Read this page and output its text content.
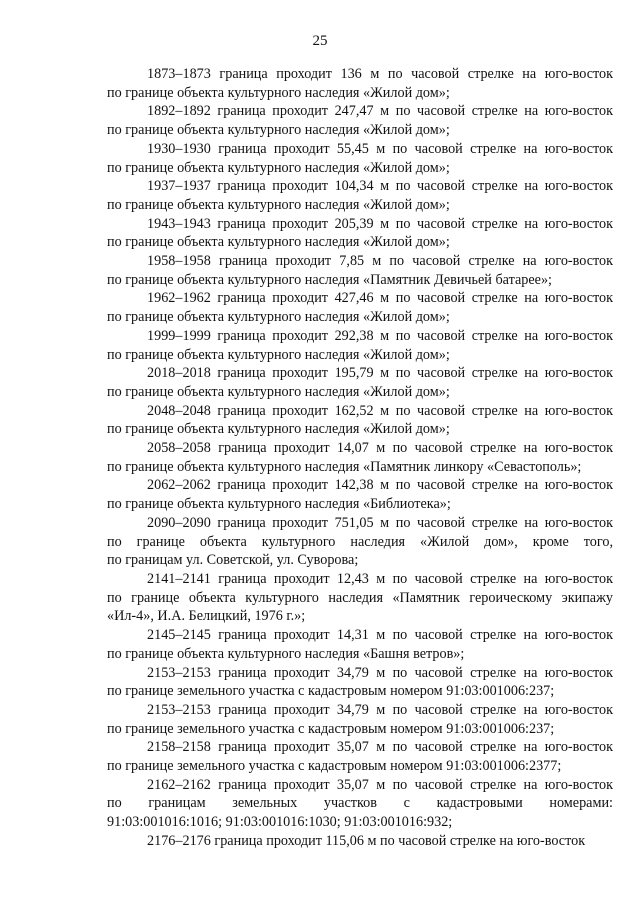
25
1873–1873 граница проходит 136 м по часовой стрелке на юго-восток
по границе объекта культурного наследия «Жилой дом»;
1892–1892 граница проходит 247,47 м по часовой стрелке на юго-восток
по границе объекта культурного наследия «Жилой дом»;
1930–1930 граница проходит 55,45 м по часовой стрелке на юго-восток
по границе объекта культурного наследия «Жилой дом»;
1937–1937 граница проходит 104,34 м по часовой стрелке на юго-восток
по границе объекта культурного наследия «Жилой дом»;
1943–1943 граница проходит 205,39 м по часовой стрелке на юго-восток
по границе объекта культурного наследия «Жилой дом»;
1958–1958 граница проходит 7,85 м по часовой стрелке на юго-восток
по границе объекта культурного наследия «Памятник Девичьей батарее»;
1962–1962 граница проходит 427,46 м по часовой стрелке на юго-восток
по границе объекта культурного наследия «Жилой дом»;
1999–1999 граница проходит 292,38 м по часовой стрелке на юго-восток
по границе объекта культурного наследия «Жилой дом»;
2018–2018 граница проходит 195,79 м по часовой стрелке на юго-восток
по границе объекта культурного наследия «Жилой дом»;
2048–2048 граница проходит 162,52 м по часовой стрелке на юго-восток
по границе объекта культурного наследия «Жилой дом»;
2058–2058 граница проходит 14,07 м по часовой стрелке на юго-восток
по границе объекта культурного наследия «Памятник линкору «Севастополь»;
2062–2062 граница проходит 142,38 м по часовой стрелке на юго-восток
по границе объекта культурного наследия «Библиотека»;
2090–2090 граница проходит 751,05 м по часовой стрелке на юго-восток
по границе объекта культурного наследия «Жилой дом», кроме того,
по границам ул. Советской, ул. Суворова;
2141–2141 граница проходит 12,43 м по часовой стрелке на юго-восток
по границе объекта культурного наследия «Памятник героическому экипажу
«Ил-4», И.А. Белицкий, 1976 г.»;
2145–2145 граница проходит 14,31 м по часовой стрелке на юго-восток
по границе объекта культурного наследия «Башня ветров»;
2153–2153 граница проходит 34,79 м по часовой стрелке на юго-восток
по границе земельного участка с кадастровым номером 91:03:001006:237;
2153–2153 граница проходит 34,79 м по часовой стрелке на юго-восток
по границе земельного участка с кадастровым номером 91:03:001006:237;
2158–2158 граница проходит 35,07 м по часовой стрелке на юго-восток
по границе земельного участка с кадастровым номером 91:03:001006:2377;
2162–2162 граница проходит 35,07 м по часовой стрелке на юго-восток
по границам земельных участков с кадастровыми номерами:
91:03:001016:1016; 91:03:001016:1030; 91:03:001016:932;
2176–2176 граница проходит 115,06 м по часовой стрелке на юго-восток
